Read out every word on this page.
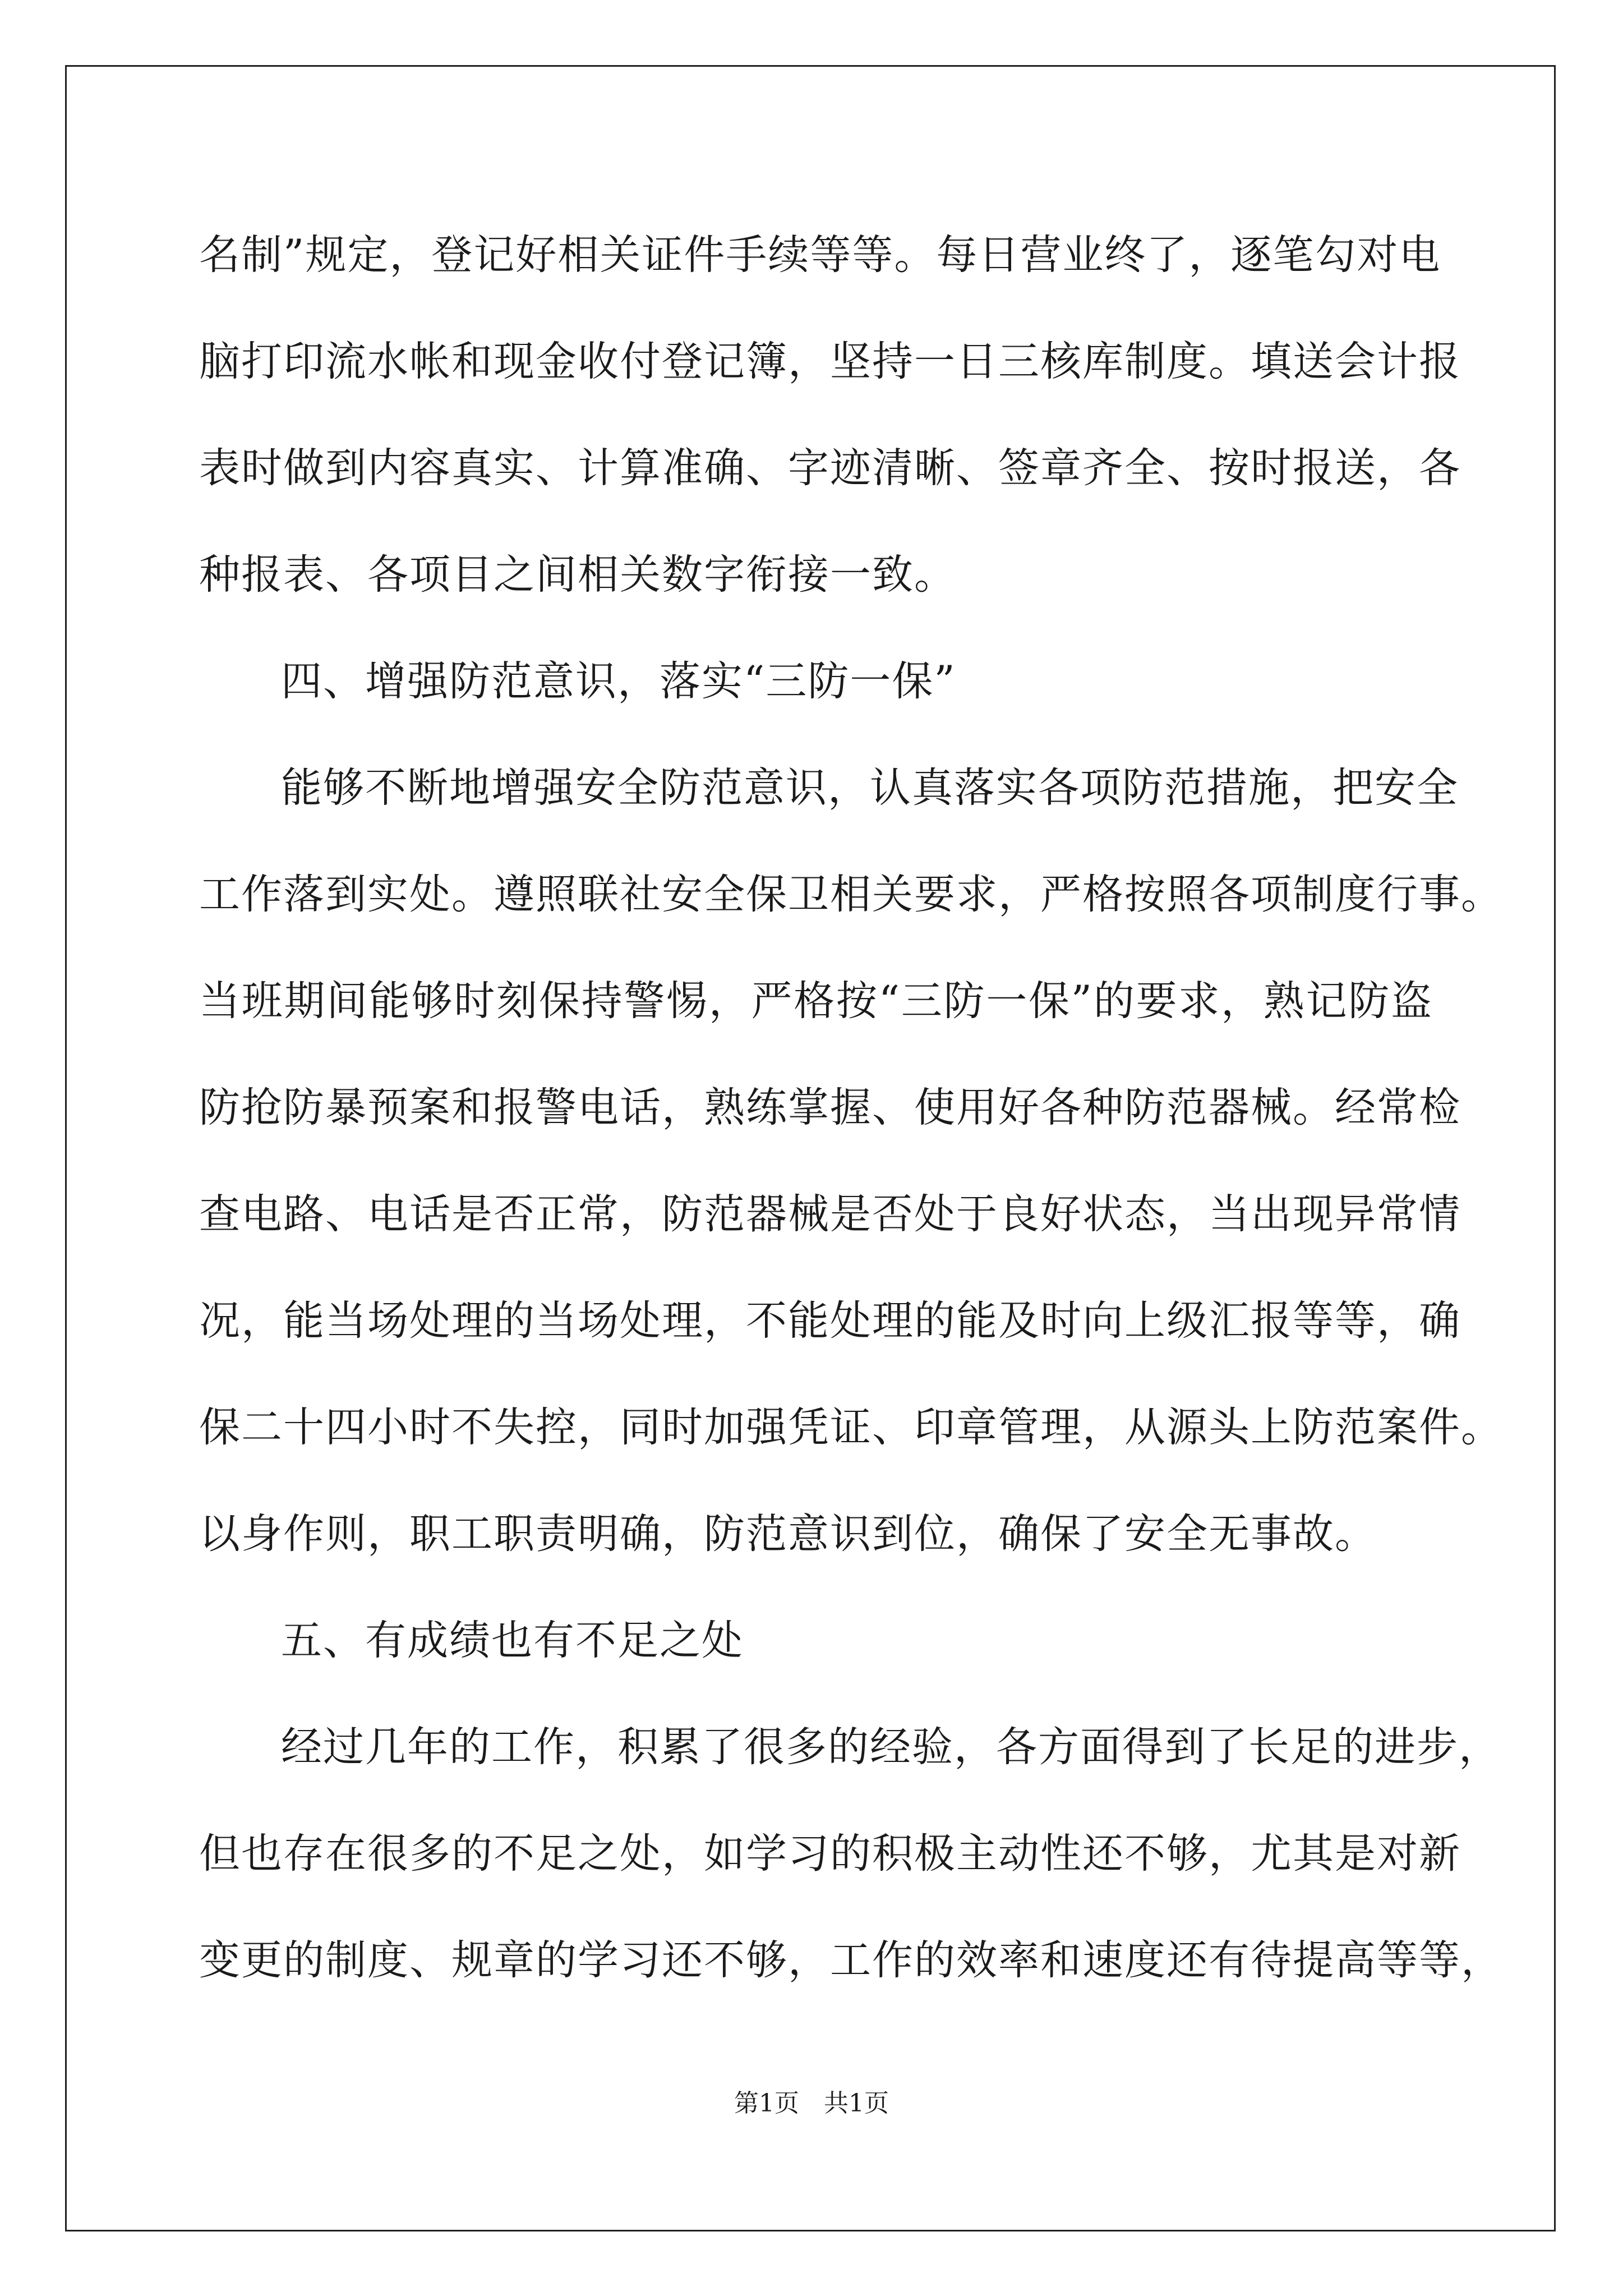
名制”规定，登记好相关证件手续等等。每日营业终了，逐笔勾对电
脑打印流水帐和现金收付登记簿，坚持一日三核库制度。填送会计报
表时做到内容真实、计算准确、字迹清晰、签章齐全、按时报送，各
种报表、各项目之间相关数字衔接一致。
四、增强防范意识，落实“三防一保”
能够不断地增强安全防范意识，认真落实各项防范措施，把安全
工作落到实处。遵照联社安全保卫相关要求，严格按照各项制度行事。
当班期间能够时刻保持警惕，严格按“三防一保”的要求，熟记防盗
防抢防暴预案和报警电话，熟练掌握、使用好各种防范器械。经常检
查电路、电话是否正常，防范器械是否处于良好状态，当出现异常情
况，能当场处理的当场处理，不能处理的能及时向上级汇报等等，确
保二十四小时不失控，同时加强凭证、印章管理，从源头上防范案件。
以身作则，职工职责明确，防范意识到位，确保了安全无事故。
五、有成绩也有不足之处
经过几年的工作，积累了很多的经验，各方面得到了长足的进步，
但也存在很多的不足之处，如学习的积极主动性还不够，尤其是对新
变更的制度、规章的学习还不够，工作的效率和速度还有待提高等等，
第1页　共1页
